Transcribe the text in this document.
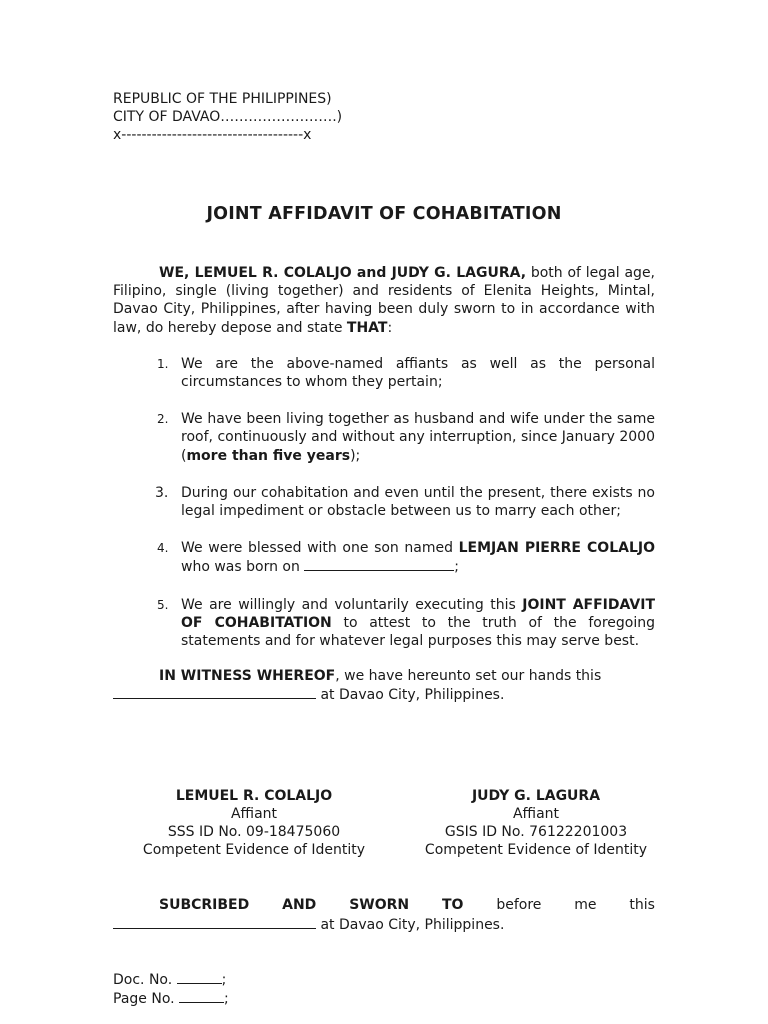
REPUBLIC OF THE PHILIPPINES)
CITY OF DAVAO…………………….)
x------------------------------------x
JOINT AFFIDAVIT OF COHABITATION

WE, LEMUEL R. COLALJO and JUDY G. LAGURA, both of legal age, Filipino, single (living together) and residents of Elenita Heights, Mintal, Davao City, Philippines, after having been duly sworn to in accordance with law, do hereby depose and state THAT:

1. We are the above-named affiants as well as the personal circumstances to whom they pertain;
2. We have been living together as husband and wife under the same roof, continuously and without any interruption, since January 2000 (more than five years);
3. During our cohabitation and even until the present, there exists no legal impediment or obstacle between us to marry each other;
4. We were blessed with one son named LEMJAN PIERRE COLALJO who was born on	;
5. We are willingly and voluntarily executing this JOINT AFFIDAVIT OF COHABITATION to attest to the truth of the foregoing statements and for whatever legal purposes this may serve best.

IN WITNESS WHEREOF, we have hereunto set our hands this
at Davao City, Philippines.

LEMUEL R. COLALJO
Affiant
SSS ID No. 09-18475060
Competent Evidence of Identity
JUDY G. LAGURA
Affiant
GSIS ID No. 76122201003
Competent Evidence of Identity
SUBCRIBED AND SWORN TO before me this
at Davao City, Philippines.
Doc. No.	;
Page No.	;
